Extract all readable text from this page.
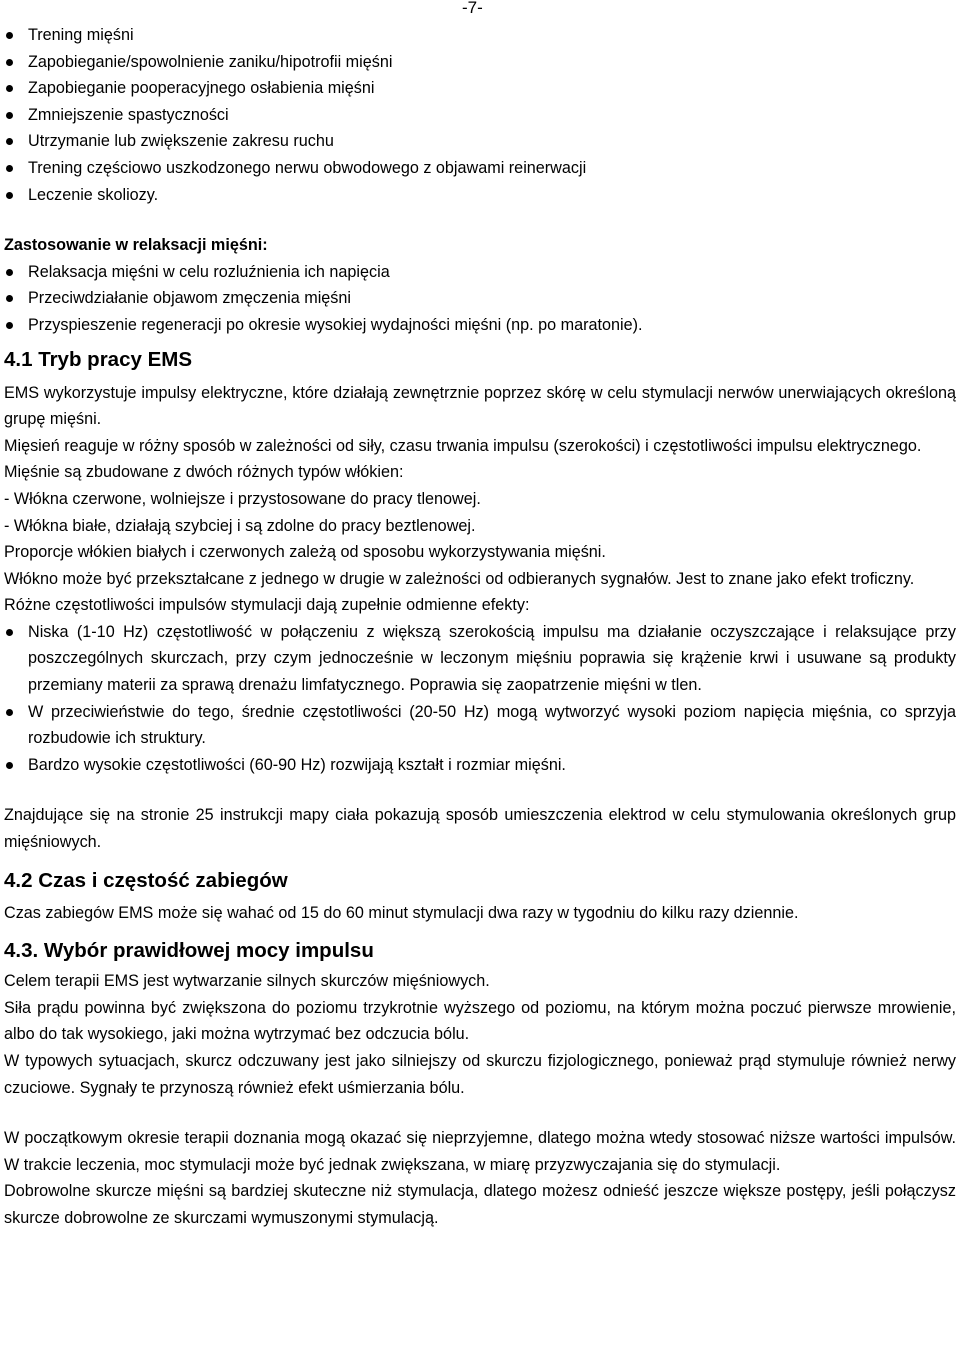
-7-
Trening mięśni
Zapobieganie/spowolnienie zaniku/hipotrofii mięśni
Zapobieganie pooperacyjnego osłabienia mięśni
Zmniejszenie spastyczności
Utrzymanie lub zwiększenie zakresu ruchu
Trening częściowo uszkodzonego nerwu obwodowego z objawami reinerwacji
Leczenie skoliozy.

Zastosowanie w relaksacji mięśni:

Relaksacja mięśni w celu rozluźnienia ich napięcia
Przeciwdziałanie objawom zmęczenia mięśni
Przyspieszenie regeneracji po okresie wysokiej wydajności mięśni (np. po maratonie).
4.1 Tryb pracy EMS

EMS wykorzystuje impulsy elektryczne, które działają zewnętrznie poprzez skórę w celu stymulacji nerwów unerwiających określoną grupę mięśni.

Mięsień reaguje w różny sposób w zależności od siły, czasu trwania impulsu (szerokości) i częstotliwości impulsu elektrycznego.

Mięśnie są zbudowane z dwóch różnych typów włókien:

- Włókna czerwone, wolniejsze i przystosowane do pracy tlenowej.

- Włókna białe, działają szybciej i są zdolne do pracy beztlenowej.

Proporcje włókien białych i czerwonych zależą od sposobu wykorzystywania mięśni.

Włókno może być przekształcane z jednego w drugie w zależności od odbieranych sygnałów. Jest to znane jako efekt troficzny.

Różne częstotliwości impulsów stymulacji dają zupełnie odmienne efekty:

Niska (1-10 Hz) częstotliwość w połączeniu z większą szerokością impulsu ma działanie oczyszczające i relaksujące przy poszczególnych skurczach, przy czym jednocześnie w leczonym mięśniu poprawia się krążenie krwi i usuwane są produkty przemiany materii za sprawą drenażu limfatycznego. Poprawia się zaopatrzenie mięśni w tlen.
W przeciwieństwie do tego, średnie częstotliwości (20-50 Hz) mogą wytworzyć wysoki poziom napięcia mięśnia, co sprzyja rozbudowie ich struktury.
Bardzo wysokie częstotliwości (60-90 Hz) rozwijają kształt i rozmiar mięśni.

Znajdujące się na stronie 25 instrukcji mapy ciała pokazują sposób umieszczenia elektrod w celu stymulowania określonych grup mięśniowych.

4.2 Czas i częstość zabiegów

Czas zabiegów EMS może się wahać od 15 do 60 minut stymulacji dwa razy w tygodniu do kilku razy dziennie.

4.3. Wybór prawidłowej mocy impulsu

Celem terapii EMS jest wytwarzanie silnych skurczów mięśniowych.

Siła prądu powinna być zwiększona do poziomu trzykrotnie wyższego od poziomu, na którym można poczuć pierwsze mrowienie, albo do tak wysokiego, jaki można wytrzymać bez odczucia bólu.

W typowych sytuacjach, skurcz odczuwany jest jako silniejszy od skurczu fizjologicznego, ponieważ prąd stymuluje również nerwy czuciowe. Sygnały te przynoszą również efekt uśmierzania bólu.

W początkowym okresie terapii doznania mogą okazać się nieprzyjemne, dlatego można wtedy stosować niższe wartości impulsów. W trakcie leczenia, moc stymulacji może być jednak zwiększana, w miarę przyzwyczajania się do stymulacji.

Dobrowolne skurcze mięśni są bardziej skuteczne niż stymulacja, dlatego możesz odnieść jeszcze większe postępy, jeśli połączysz skurcze dobrowolne ze skurczami wymuszonymi stymulacją.
